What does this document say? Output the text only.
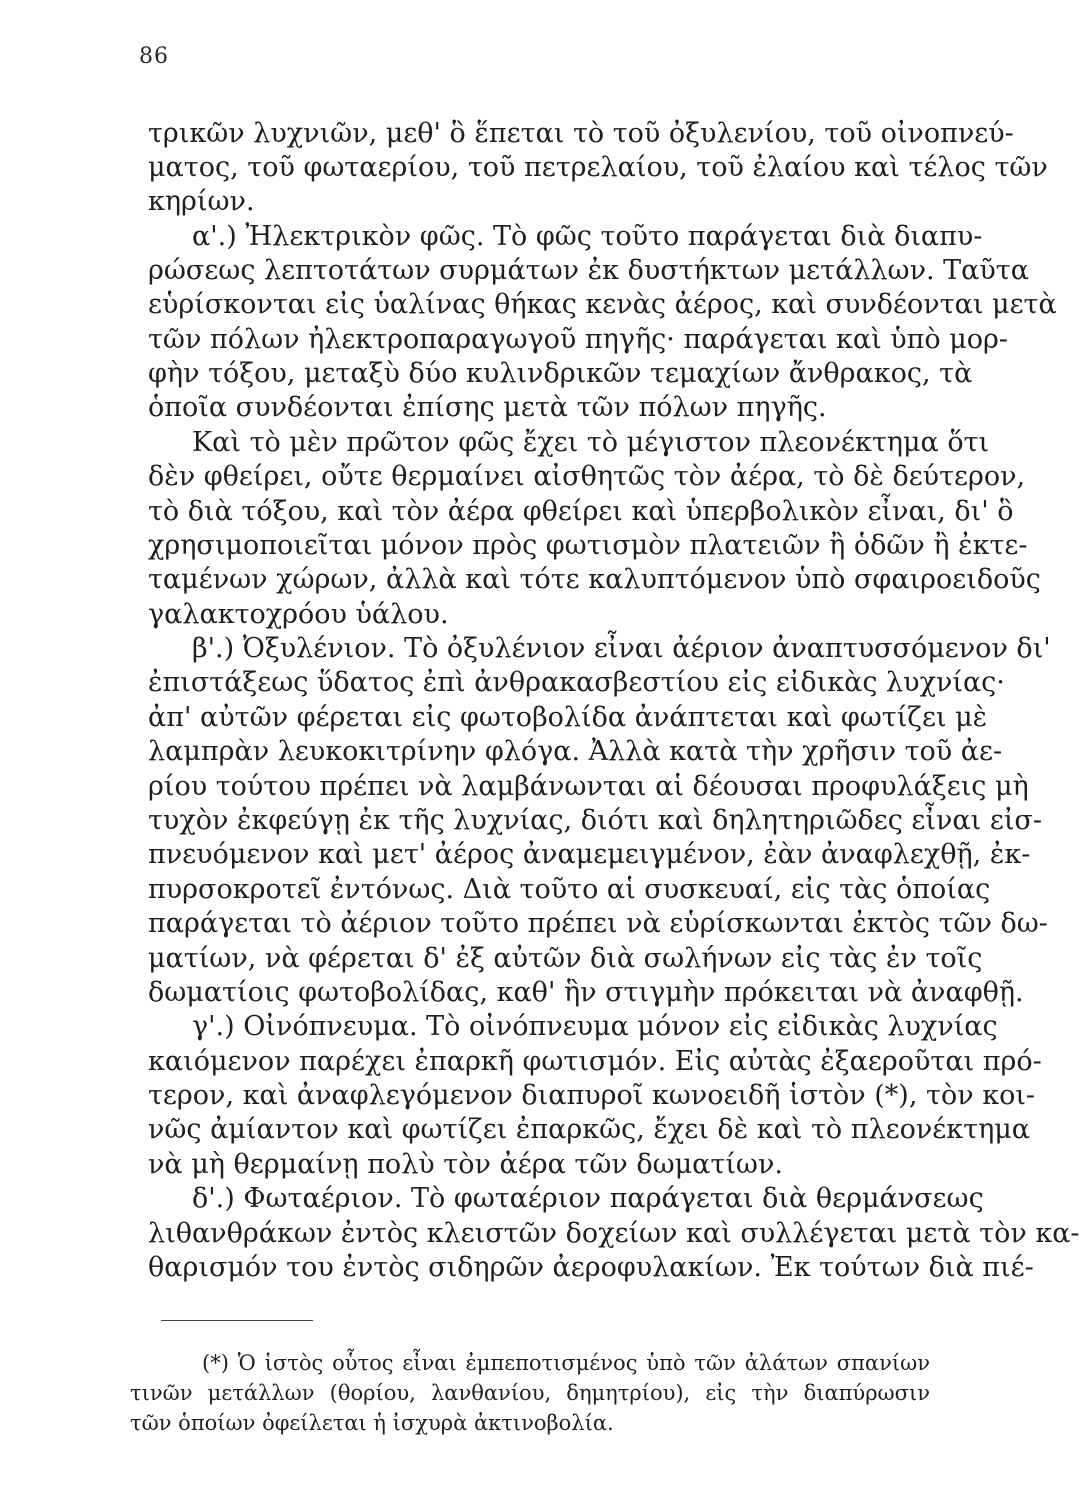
86
τρικῶν λυχνιῶν, μεθ' ὃ ἕπεται τὸ τοῦ ὀξυλενίου, τοῦ οἰνοπνεύ-
ματος, τοῦ φωταερίου, τοῦ πετρελαίου, τοῦ ἐλαίου καὶ τέλος τῶν
κηρίων.
α'.) Ἠλεκτρικὸν φῶς. Τὸ φῶς τοῦτο παράγεται διὰ διαπυ-
ρώσεως λεπτοτάτων συρμάτων ἐκ δυστήκτων μετάλλων. Ταῦτα
εὑρίσκονται εἰς ὑαλίνας θήκας κενὰς ἀέρος, καὶ συνδέονται μετὰ
τῶν πόλων ἠλεκτροπαραγωγοῦ πηγῆς· παράγεται καὶ ὑπὸ μορ-
φὴν τόξου, μεταξὺ δύο κυλινδρικῶν τεμαχίων ἄνθρακος, τὰ
ὁποῖα συνδέονται ἐπίσης μετὰ τῶν πόλων πηγῆς.
Καὶ τὸ μὲν πρῶτον φῶς ἔχει τὸ μέγιστον πλεονέκτημα ὅτι
δὲν φθείρει, οὔτε θερμαίνει αἰσθητῶς τὸν ἀέρα, τὸ δὲ δεύτερον,
τὸ διὰ τόξου, καὶ τὸν ἀέρα φθείρει καὶ ὑπερβολικὸν εἶναι, δι' ὃ
χρησιμοποιεῖται μόνον πρὸς φωτισμὸν πλατειῶν ἢ ὁδῶν ἢ ἐκτε-
ταμένων χώρων, ἀλλὰ καὶ τότε καλυπτόμενον ὑπὸ σφαιροειδοῦς
γαλακτοχρόου ὑάλου.
β'.) Ὀξυλένιον. Τὸ ὀξυλένιον εἶναι ἀέριον ἀναπτυσσόμενον δι'
ἐπιστάξεως ὕδατος ἐπὶ ἀνθρακασβεστίου εἰς εἰδικὰς λυχνίας·
ἀπ' αὐτῶν φέρεται εἰς φωτοβολίδα ἀνάπτεται καὶ φωτίζει μὲ
λαμπρὰν λευκοκιτρίνην φλόγα. Ἀλλὰ κατὰ τὴν χρῆσιν τοῦ ἀε-
ρίου τούτου πρέπει νὰ λαμβάνωνται αἱ δέουσαι προφυλάξεις μὴ
τυχὸν ἐκφεύγῃ ἐκ τῆς λυχνίας, διότι καὶ δηλητηριῶδες εἶναι εἰσ-
πνευόμενον καὶ μετ' ἀέρος ἀναμεμειγμένον, ἐὰν ἀναφλεχθῇ, ἐκ-
πυρσοκροτεῖ ἐντόνως. Διὰ τοῦτο αἱ συσκευαί, εἰς τὰς ὁποίας
παράγεται τὸ ἀέριον τοῦτο πρέπει νὰ εὑρίσκωνται ἐκτὸς τῶν δω-
ματίων, νὰ φέρεται δ' ἐξ αὐτῶν διὰ σωλήνων εἰς τὰς ἐν τοῖς
δωματίοις φωτοβολίδας, καθ' ἣν στιγμὴν πρόκειται νὰ ἀναφθῇ.
γ'.) Οἰνόπνευμα. Τὸ οἰνόπνευμα μόνον εἰς εἰδικὰς λυχνίας
καιόμενον παρέχει ἐπαρκῆ φωτισμόν. Εἰς αὐτὰς ἐξαεροῦται πρό-
τερον, καὶ ἀναφλεγόμενον διαπυροῖ κωνοειδῆ ἱστὸν (*), τὸν κοι-
νῶς ἀμίαντον καὶ φωτίζει ἐπαρκῶς, ἔχει δὲ καὶ τὸ πλεονέκτημα
νὰ μὴ θερμαίνῃ πολὺ τὸν ἀέρα τῶν δωματίων.
δ'.) Φωταέριον. Τὸ φωταέριον παράγεται διὰ θερμάνσεως
λιθανθράκων ἐντὸς κλειστῶν δοχείων καὶ συλλέγεται μετὰ τὸν κα-
θαρισμόν του ἐντὸς σιδηρῶν ἀεροφυλακίων. Ἐκ τούτων διὰ πιέ-
(*) Ὁ ἱστὸς οὗτος εἶναι ἐμπεποτισμένος ὑπὸ τῶν ἀλάτων σπανίων
τινῶν μετάλλων (θορίου, λανθανίου, δημητρίου), εἰς τὴν διαπύρωσιν
τῶν ὁποίων ὀφείλεται ἡ ἰσχυρὰ ἀκτινοβολία.
